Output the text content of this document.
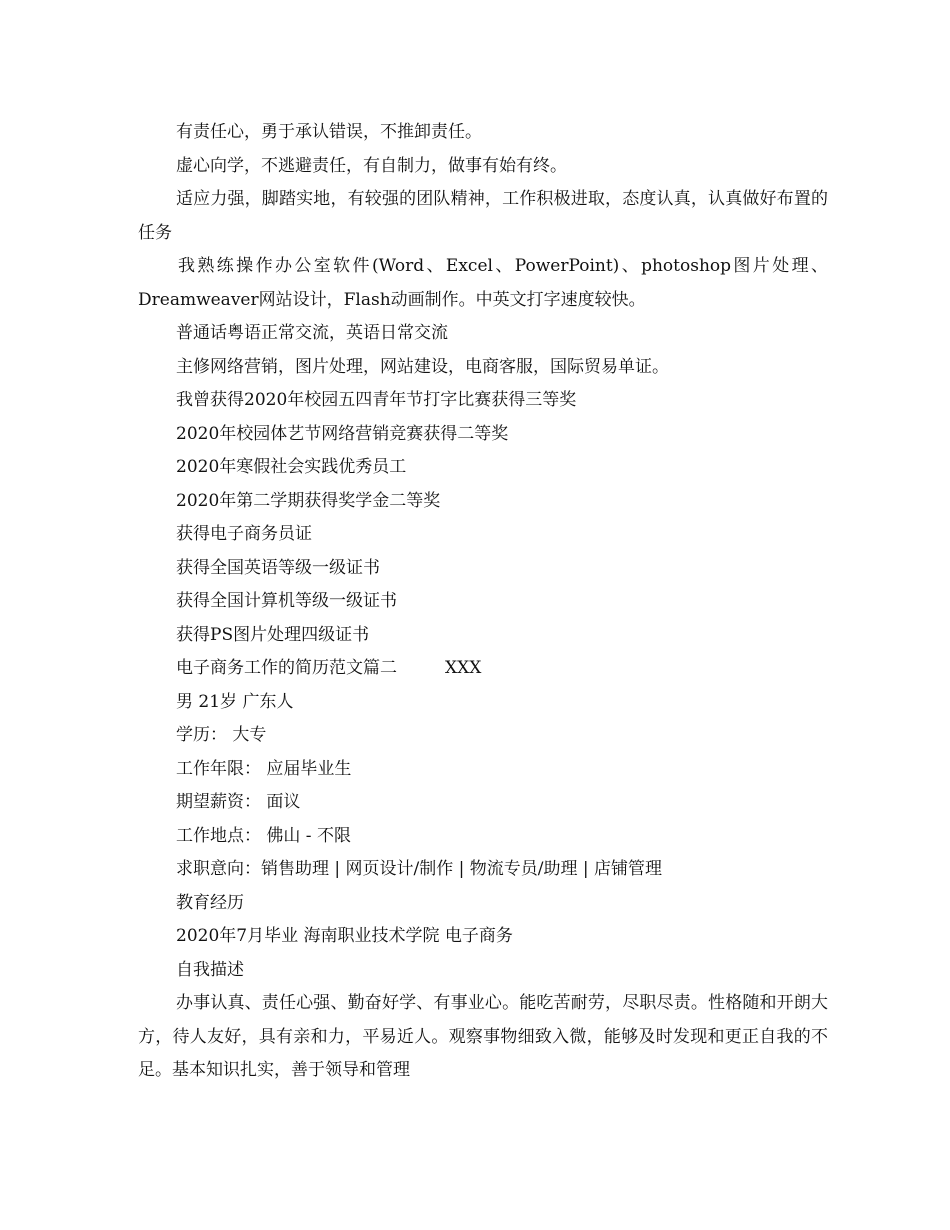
有责任心，勇于承认错误，不推卸责任。
虚心向学，不逃避责任，有自制力，做事有始有终。
适应力强，脚踏实地，有较强的团队精神，工作积极进取，态度认真，认真做好布置的任务
我熟练操作办公室软件(Word、Excel、PowerPoint)、photoshop图片处理、Dreamweaver网站设计，Flash动画制作。中英文打字速度较快。
普通话粤语正常交流，英语日常交流
主修网络营销，图片处理，网站建设，电商客服，国际贸易单证。
我曾获得2020年校园五四青年节打字比赛获得三等奖
2020年校园体艺节网络营销竞赛获得二等奖
2020年寒假社会实践优秀员工
2020年第二学期获得奖学金二等奖
获得电子商务员证
获得全国英语等级一级证书
获得全国计算机等级一级证书
获得PS图片处理四级证书
电子商务工作的简历范文篇二	XXX
男 21岁 广东人
学历： 大专
工作年限： 应届毕业生
期望薪资： 面议
工作地点： 佛山 - 不限
求职意向：销售助理 | 网页设计/制作 | 物流专员/助理 | 店铺管理
教育经历
2020年7月毕业 海南职业技术学院 电子商务
自我描述
办事认真、责任心强、勤奋好学、有事业心。能吃苦耐劳，尽职尽责。性格随和开朗大方，待人友好，具有亲和力，平易近人。观察事物细致入微，能够及时发现和更正自我的不足。基本知识扎实，善于领导和管理
